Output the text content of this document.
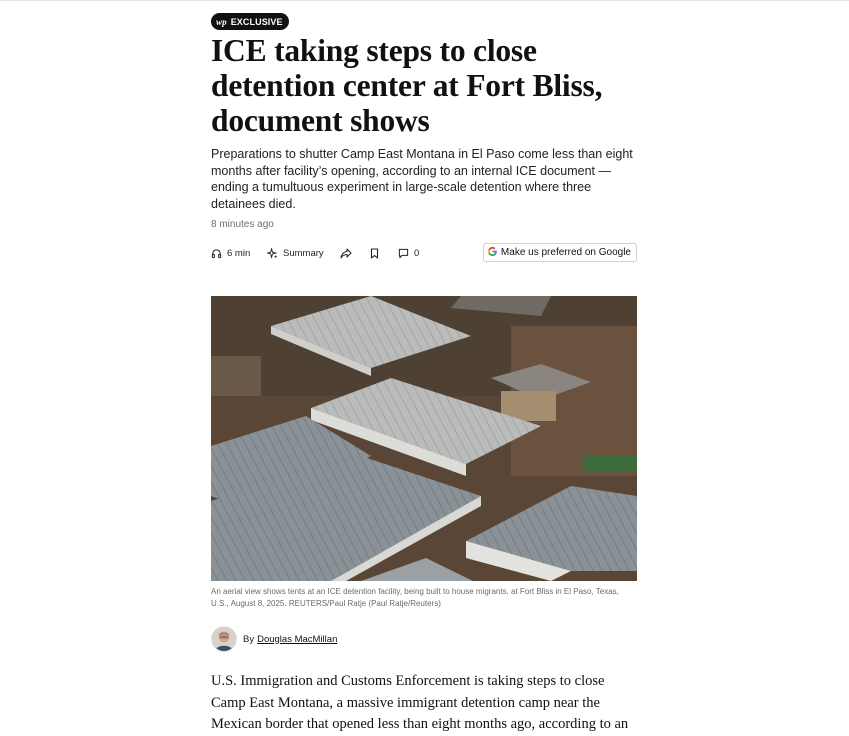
wp EXCLUSIVE
ICE taking steps to close detention center at Fort Bliss, document shows

Preparations to shutter Camp East Montana in El Paso come less than eight months after facility’s opening, according to an internal ICE document — ending a tumultuous experiment in large-scale detention where three detainees died.

8 minutes ago
6 min	Summary	0	Make us preferred on Google

An aerial view shows tents at an ICE detention facility, being built to house migrants, at Fort Bliss in El Paso, Texas, U.S., August 8, 2025. REUTERS/Paul Ratje (Paul Ratje/Reuters)

By Douglas MacMillan

U.S. Immigration and Customs Enforcement is taking steps to close Camp East Montana, a massive immigrant detention camp near the Mexican border that opened less than eight months ago, according to an
